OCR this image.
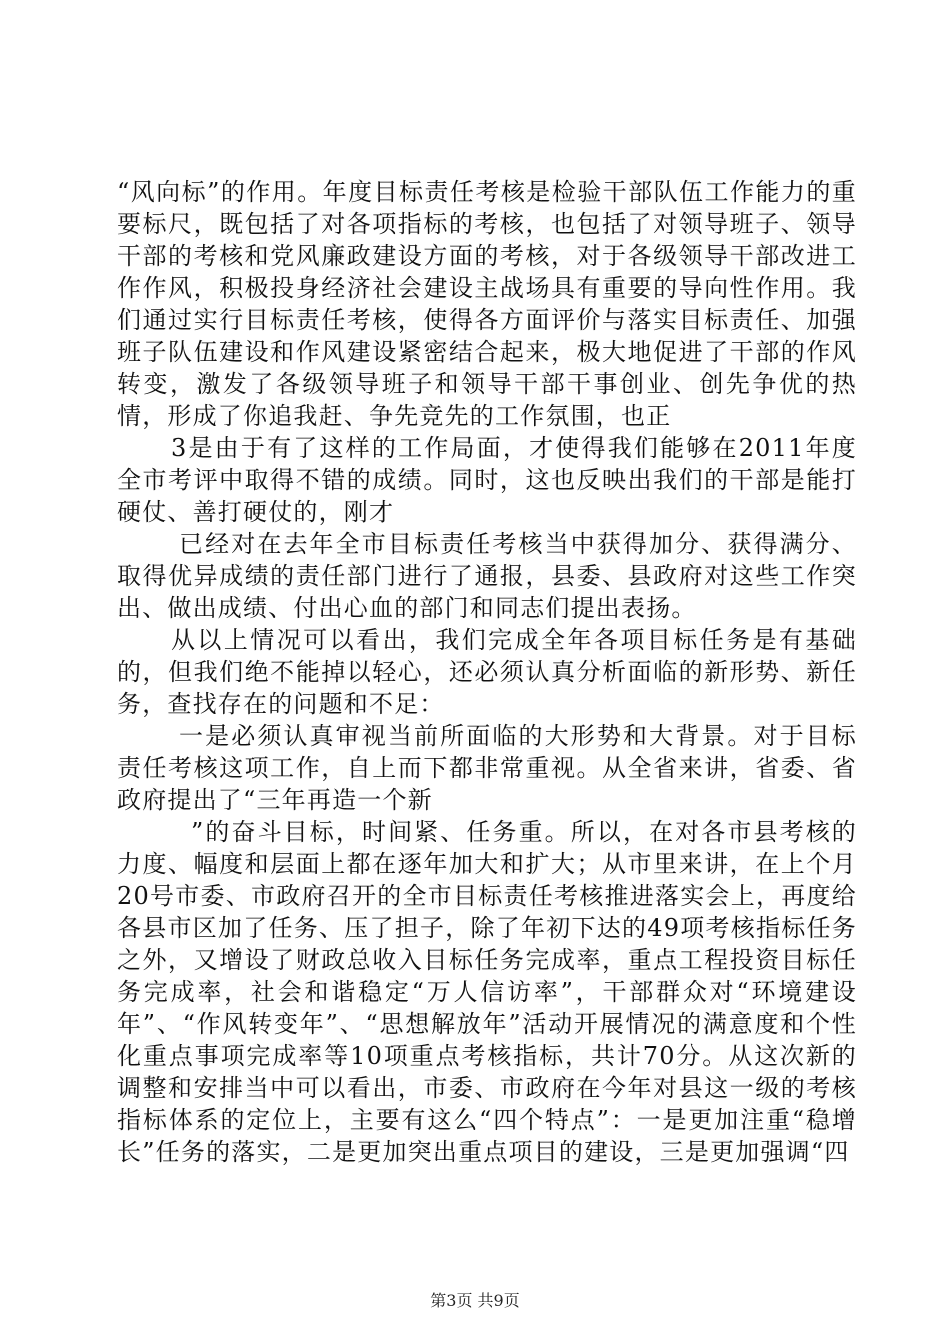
“风向标”的作用。年度目标责任考核是检验干部队伍工作能力的重要标尺，既包括了对各项指标的考核，也包括了对领导班子、领导干部的考核和党风廉政建设方面的考核，对于各级领导干部改进工作作风，积极投身经济社会建设主战场具有重要的导向性作用。我们通过实行目标责任考核，使得各方面评价与落实目标责任、加强班子队伍建设和作风建设紧密结合起来，极大地促进了干部的作风转变，激发了各级领导班子和领导干部干事创业、创先争优的热情，形成了你追我赶、争先竞先的工作氛围，也正

3是由于有了这样的工作局面，才使得我们能够在2011年度全市考评中取得不错的成绩。同时，这也反映出我们的干部是能打硬仗、善打硬仗的，刚才

已经对在去年全市目标责任考核当中获得加分、获得满分、取得优异成绩的责任部门进行了通报，县委、县政府对这些工作突出、做出成绩、付出心血的部门和同志们提出表扬。

从以上情况可以看出，我们完成全年各项目标任务是有基础的，但我们绝不能掉以轻心，还必须认真分析面临的新形势、新任务，查找存在的问题和不足：

一是必须认真审视当前所面临的大形势和大背景。对于目标责任考核这项工作，自上而下都非常重视。从全省来讲，省委、省政府提出了“三年再造一个新

”的奋斗目标，时间紧、任务重。所以，在对各市县考核的力度、幅度和层面上都在逐年加大和扩大；从市里来讲，在上个月20号市委、市政府召开的全市目标责任考核推进落实会上，再度给各县市区加了任务、压了担子，除了年初下达的49项考核指标任务之外，又增设了财政总收入目标任务完成率，重点工程投资目标任务完成率，社会和谐稳定“万人信访率”，干部群众对“环境建设年”、“作风转变年”、“思想解放年”活动开展情况的满意度和个性化重点事项完成率等10项重点考核指标，共计70分。从这次新的调整和安排当中可以看出，市委、市政府在今年对县这一级的考核指标体系的定位上，主要有这么“四个特点”：一是更加注重“稳增长”任务的落实，二是更加突出重点项目的建设，三是更加强调“四

第3页 共9页
